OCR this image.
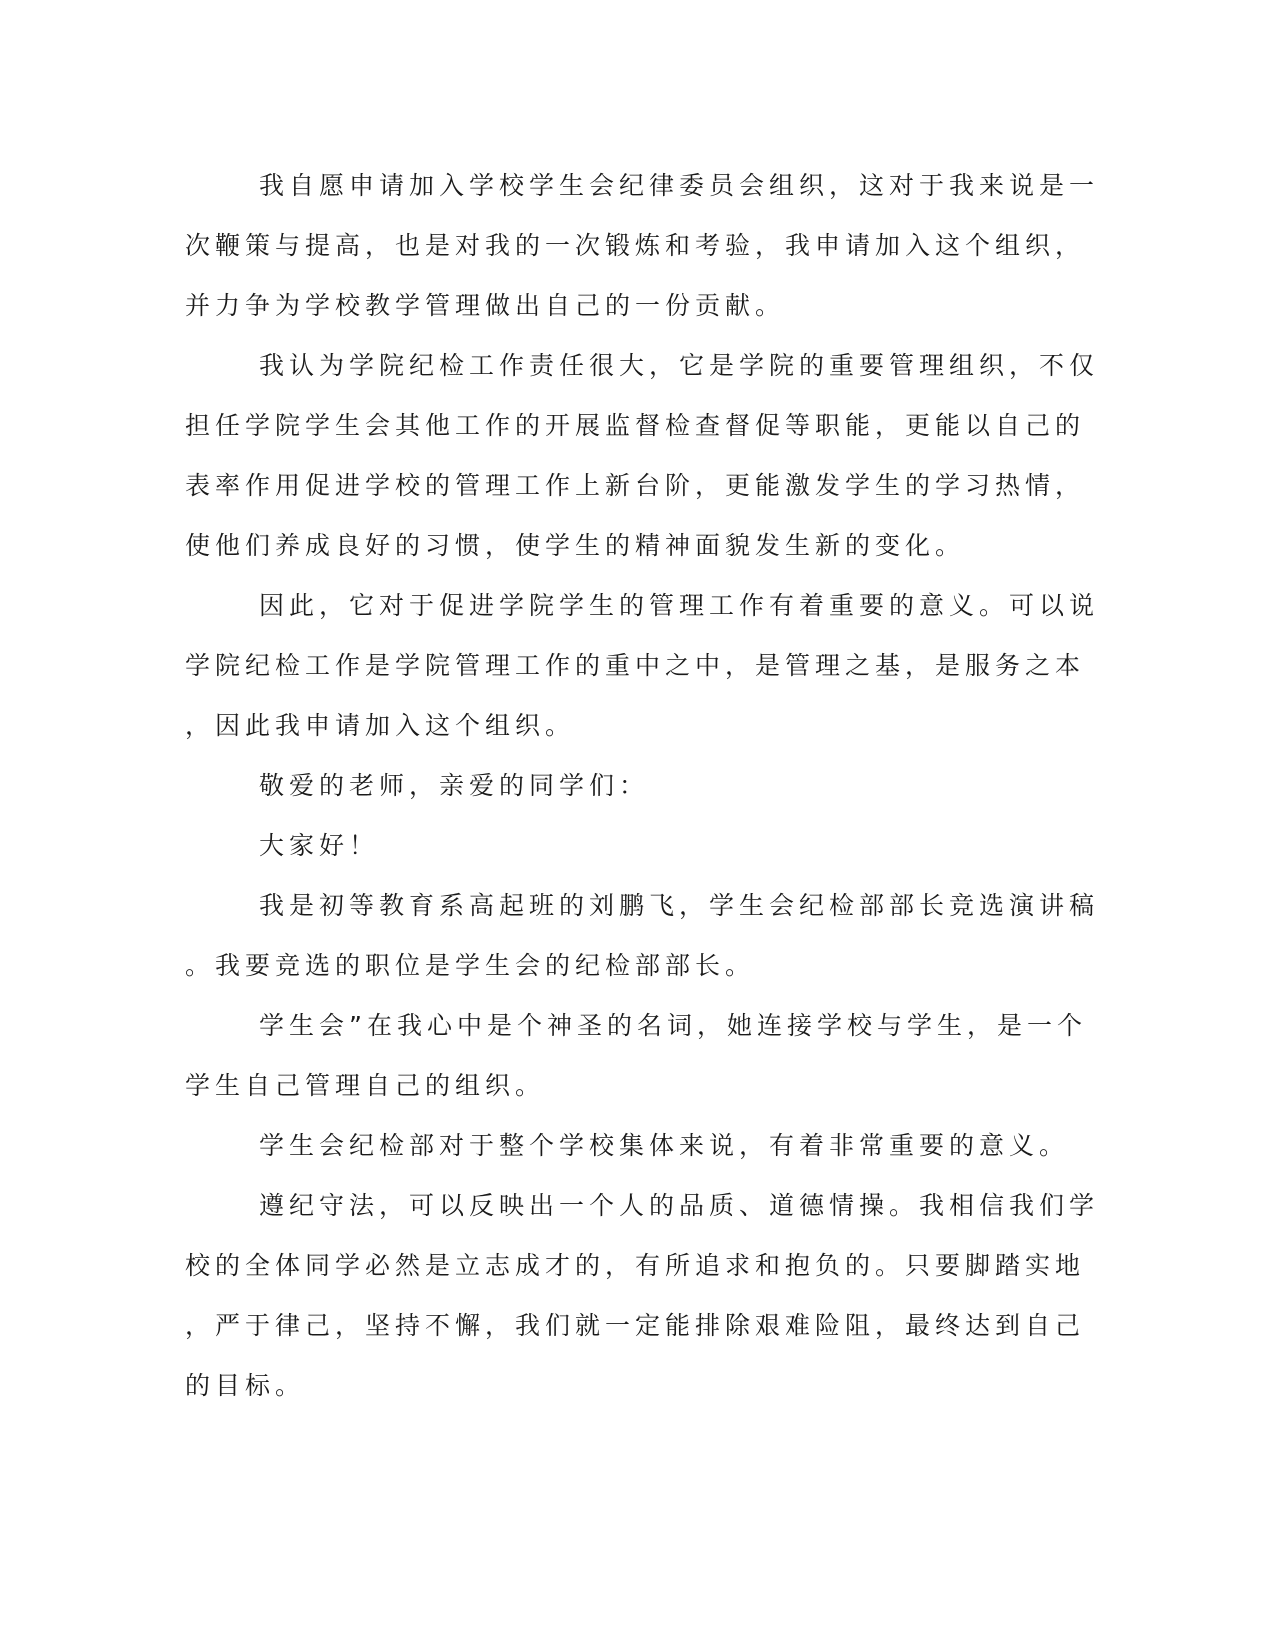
我自愿申请加入学校学生会纪律委员会组织，这对于我来说是一
次鞭策与提高，也是对我的一次锻炼和考验，我申请加入这个组织，
并力争为学校教学管理做出自己的一份贡献。
我认为学院纪检工作责任很大，它是学院的重要管理组织，不仅
担任学院学生会其他工作的开展监督检查督促等职能，更能以自己的
表率作用促进学校的管理工作上新台阶，更能激发学生的学习热情，
使他们养成良好的习惯，使学生的精神面貌发生新的变化。
因此，它对于促进学院学生的管理工作有着重要的意义。可以说
学院纪检工作是学院管理工作的重中之中，是管理之基，是服务之本
，因此我申请加入这个组织。
敬爱的老师，亲爱的同学们：
大家好！
我是初等教育系高起班的刘鹏飞，学生会纪检部部长竞选演讲稿
。我要竞选的职位是学生会的纪检部部长。
学生会”在我心中是个神圣的名词，她连接学校与学生，是一个
学生自己管理自己的组织。
学生会纪检部对于整个学校集体来说，有着非常重要的意义。
遵纪守法，可以反映出一个人的品质、道德情操。我相信我们学
校的全体同学必然是立志成才的，有所追求和抱负的。只要脚踏实地
，严于律己，坚持不懈，我们就一定能排除艰难险阻，最终达到自己
的目标。
